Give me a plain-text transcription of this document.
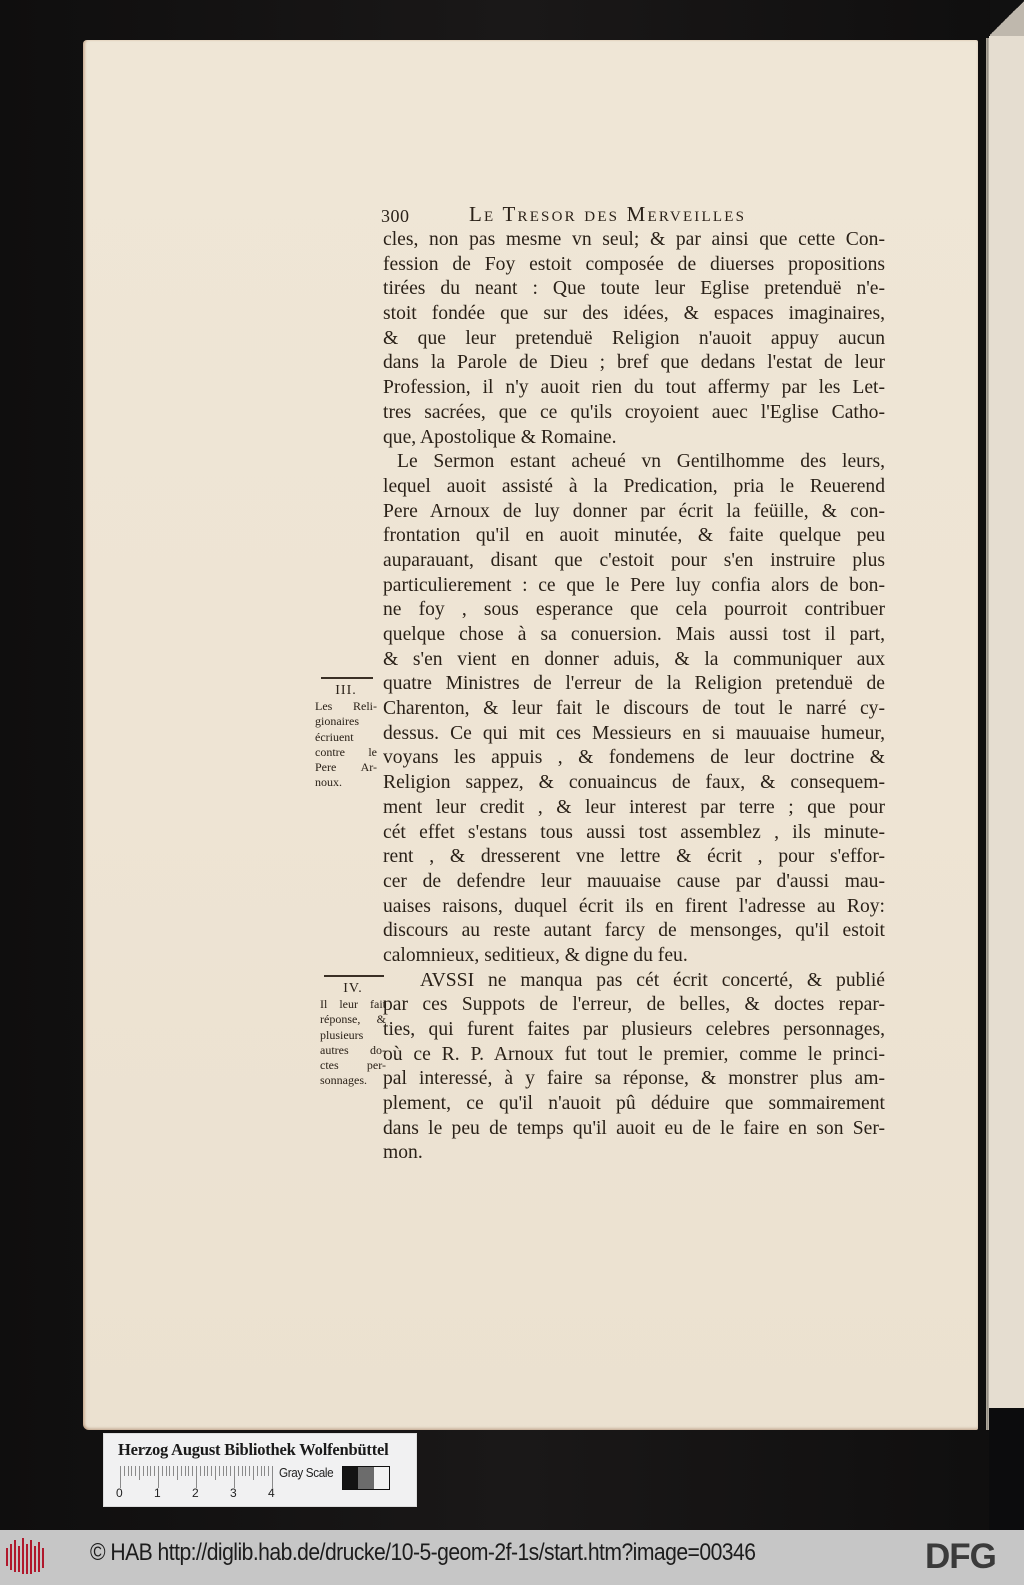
300	Le Tresor des Merveilles
cles, non pas mesme vn seul; & par ainsi que cette Con-
fession de Foy estoit composée de diuerses propositions
tirées du neant : Que toute leur Eglise pretenduë n'e-
stoit fondée que sur des idées, & espaces imaginaires,
& que leur pretenduë Religion n'auoit appuy aucun
dans la Parole de Dieu ; bref que dedans l'estat de leur
Profession, il n'y auoit rien du tout affermy par les Let-
tres sacrées, que ce qu'ils croyoient auec l'Eglise Catho-
que, Apostolique & Romaine.
Le Sermon estant acheué vn Gentilhomme des leurs,
lequel auoit assisté à la Predication, pria le Reuerend
Pere Arnoux de luy donner par écrit la feüille, & con-
frontation qu'il en auoit minutée, & faite quelque peu
auparauant, disant que c'estoit pour s'en instruire plus
particulierement : ce que le Pere luy confia alors de bon-
ne foy , sous esperance que cela pourroit contribuer
quelque chose à sa conuersion. Mais aussi tost il part,
& s'en vient en donner aduis, & la communiquer aux
quatre Ministres de l'erreur de la Religion pretenduë de
Charenton, & leur fait le discours de tout le narré cy-
dessus. Ce qui mit ces Messieurs en si mauuaise humeur,
voyans les appuis , & fondemens de leur doctrine &
Religion sappez, & conuaincus de faux, & consequem-
ment leur credit , & leur interest par terre ; que pour
cét effet s'estans tous aussi tost assemblez , ils minute-
rent , & dresserent vne lettre & écrit , pour s'effor-
cer de defendre leur mauuaise cause par d'aussi mau-
uaises raisons, duquel écrit ils en firent l'adresse au Roy:
discours au reste autant farcy de mensonges, qu'il estoit
calomnieux, seditieux, & digne du feu.
AVSSI ne manqua pas cét écrit concerté, & publié
par ces Suppots de l'erreur, de belles, & doctes repar-
ties, qui furent faites par plusieurs celebres personnages,
où ce R. P. Arnoux fut tout le premier, comme le princi-
pal interessé, à y faire sa réponse, & monstrer plus am-
plement, ce qu'il n'auoit pû déduire que sommairement
dans le peu de temps qu'il auoit eu de le faire en son Ser-
mon.
III.
Les Reli-
gionaires
écriuent
contre le
Pere Ar-
noux.
IV.
Il leur fait
réponse, &
plusieurs
autres do-
ctes per-
sonnages.
Herzog August Bibliothek Wolfenbüttel
0	1	2	3	4
Gray Scale
© HAB http://diglib.hab.de/drucke/10-5-geom-2f-1s/start.htm?image=00346	DFG
